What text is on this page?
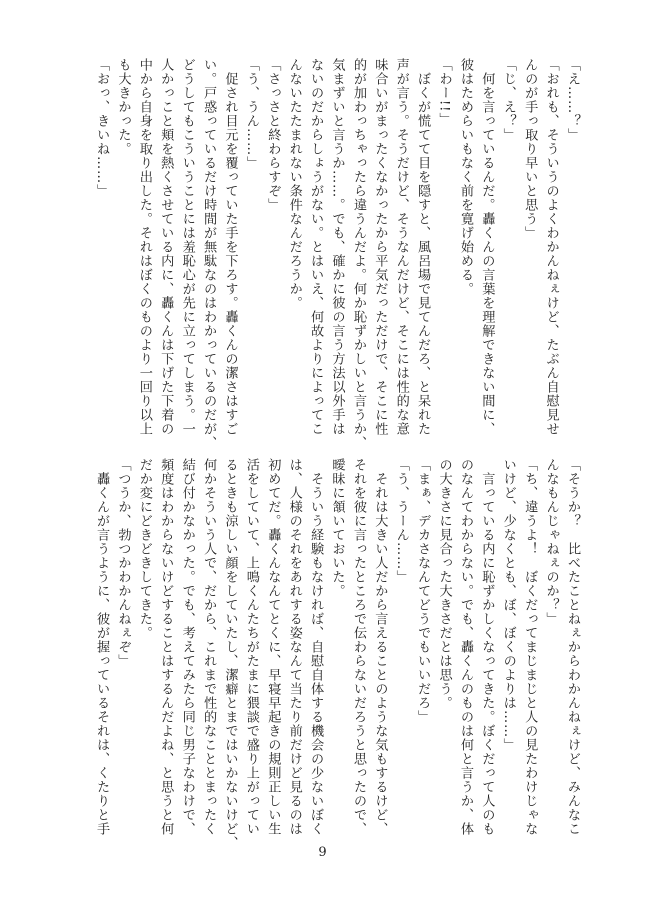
「え……？」
「おれも、そういうのよくわかんねぇけど、たぶん自慰見せ
んのが手っ取り早いと思う」
「じ、え？」
　何を言っているんだ。轟くんの言葉を理解できない間に、
彼はためらいもなく前を寛げ始める。
「わー!!」
　ぼくが慌てて目を隠すと、風呂場で見てんだろ、と呆れた
声が言う。そうだけど、そうなんだけど、そこには性的な意
味合いがまったくなかったから平気だっただけで、そこに性
的が加わっちゃったら違うんだよ。何か恥ずかしいと言うか、
気まずいと言うか……。でも、確かに彼の言う方法以外手は
ないのだからしょうがない。とはいえ、何故よりによってこ
んないたたまれない条件なんだろうか。
「さっさと終わらすぞ」
「う、うん……」
　促され目元を覆っていた手を下ろす。轟くんの潔さはすご
い。戸惑っているだけ時間が無駄なのはわかっているのだが、
どうしてもこういうことには羞恥心が先に立ってしまう。一
人かっこと頬を熱くさせている内に、轟くんは下げた下着の
中から自身を取り出した。それはぼくのものより一回り以上
も大きかった。
「おっ、きいね……」
「そうか？　比べたことねぇからわかんねぇけど、みんなこ
んなもんじゃねぇのか？」
「ち、違うよ！　ぼくだってまじまじと人の見たわけじゃな
いけど、少なくとも、ぼ、ぼくのよりは……」
　言っている内に恥ずかしくなってきた。ぼくだって人のも
のなんてわからない。でも、轟くんのものは何と言うか、体
の大きさに見合った大きさだとは思う。
「まぁ、デカさなんてどうでもいいだろ」
「う、うーん……」
　それは大きい人だから言えることのような気もするけど、
それを彼に言ったところで伝わらないだろうと思ったので、
曖昧に頷いておいた。
　そういう経験もなければ、自慰自体する機会の少ないぼく
は、人様のそれをあれする姿なんて当たり前だけど見るのは
初めてだ。轟くんなんてとくに、早寝早起きの規則正しい生
活をしていて、上鳴くんたちがたまに猥談で盛り上がってい
るときも涼しい顔をしていたし、潔癖とまではいかないけど、
何かそういう人で、だから、これまで性的なこととまったく
結び付かなかった。でも、考えてみたら同じ男子なわけで、
頻度はわからないけどすることはするんだよね、と思うと何
だか変にどきどきしてきた。
「つうか、勃つかわかんねぇぞ」
　轟くんが言うように、彼が握っているそれは、くたりと手
9
